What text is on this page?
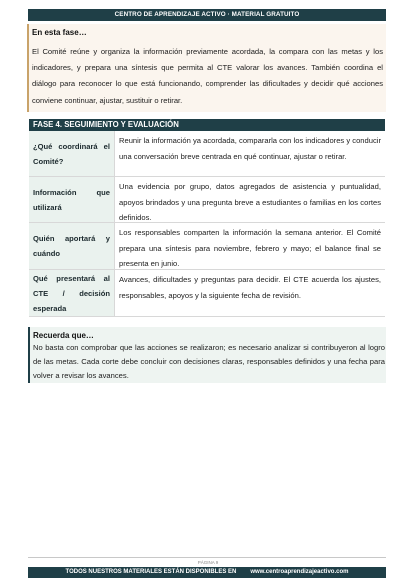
CENTRO DE APRENDIZAJE ACTIVO · MATERIAL GRATUITO
En esta fase…
El Comité reúne y organiza la información previamente acordada, la compara con las metas y los indicadores, y prepara una síntesis que permita al CTE valorar los avances. También coordina el diálogo para reconocer lo que está funcionando, comprender las dificultades y decidir qué acciones conviene continuar, ajustar, sustituir o retirar.
FASE 4. SEGUIMIENTO Y EVALUACIÓN
¿Qué coordinará el Comité?
Reunir la información ya acordada, compararla con los indicadores y conducir una conversación breve centrada en qué continuar, ajustar o retirar.
Información que utilizará
Una evidencia por grupo, datos agregados de asistencia y puntualidad, apoyos brindados y una pregunta breve a estudiantes o familias en los cortes definidos.
Quién aportará y cuándo
Los responsables comparten la información la semana anterior. El Comité prepara una síntesis para noviembre, febrero y mayo; el balance final se presenta en junio.
Qué presentará al CTE / decisión esperada
Avances, dificultades y preguntas para decidir. El CTE acuerda los ajustes, responsables, apoyos y la siguiente fecha de revisión.
Recuerda que…
No basta con comprobar que las acciones se realizaron; es necesario analizar si contribuyeron al logro de las metas. Cada corte debe concluir con decisiones claras, responsables definidos y una fecha para volver a revisar los avances.
PÁGINA 9
TODOS NUESTROS MATERIALES ESTÁN DISPONIBLES EN www.centroaprendizajeactivo.com
